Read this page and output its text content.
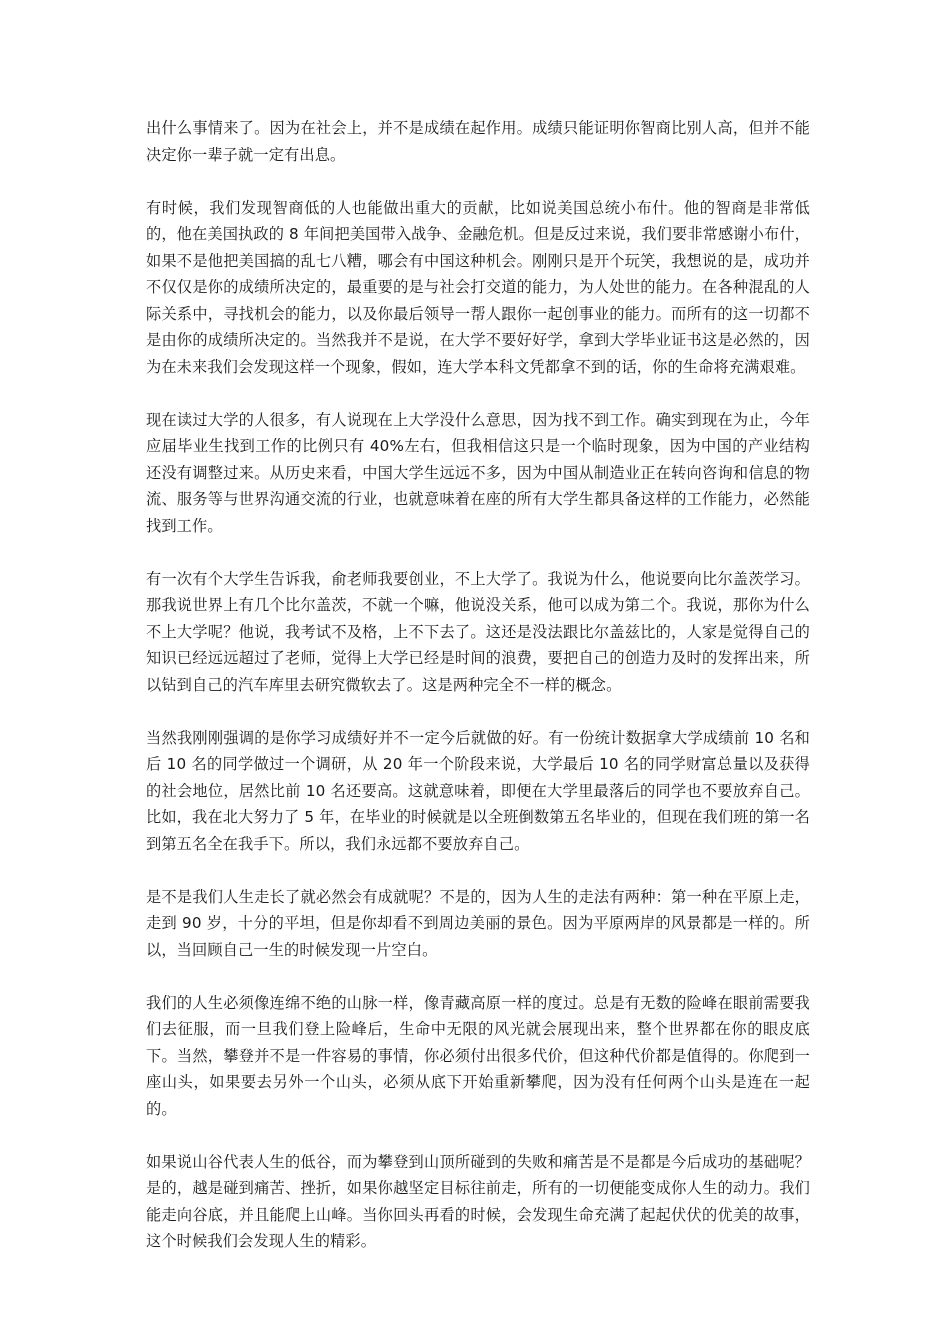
出什么事情来了。因为在社会上，并不是成绩在起作用。成绩只能证明你智商比别人高，但并不能决定你一辈子就一定有出息。

有时候，我们发现智商低的人也能做出重大的贡献，比如说美国总统小布什。他的智商是非常低的，他在美国执政的 8 年间把美国带入战争、金融危机。但是反过来说，我们要非常感谢小布什，如果不是他把美国搞的乱七八糟，哪会有中国这种机会。刚刚只是开个玩笑，我想说的是，成功并不仅仅是你的成绩所决定的，最重要的是与社会打交道的能力，为人处世的能力。在各种混乱的人际关系中，寻找机会的能力，以及你最后领导一帮人跟你一起创事业的能力。而所有的这一切都不是由你的成绩所决定的。当然我并不是说，在大学不要好好学，拿到大学毕业证书这是必然的，因为在未来我们会发现这样一个现象，假如，连大学本科文凭都拿不到的话，你的生命将充满艰难。

现在读过大学的人很多，有人说现在上大学没什么意思，因为找不到工作。确实到现在为止，今年应届毕业生找到工作的比例只有 40%左右，但我相信这只是一个临时现象，因为中国的产业结构还没有调整过来。从历史来看，中国大学生远远不多，因为中国从制造业正在转向咨询和信息的物流、服务等与世界沟通交流的行业，也就意味着在座的所有大学生都具备这样的工作能力，必然能找到工作。

有一次有个大学生告诉我，俞老师我要创业，不上大学了。我说为什么，他说要向比尔盖茨学习。那我说世界上有几个比尔盖茨，不就一个嘛，他说没关系，他可以成为第二个。我说，那你为什么不上大学呢？他说，我考试不及格，上不下去了。这还是没法跟比尔盖兹比的，人家是觉得自己的知识已经远远超过了老师，觉得上大学已经是时间的浪费，要把自己的创造力及时的发挥出来，所以钻到自己的汽车库里去研究微软去了。这是两种完全不一样的概念。

当然我刚刚强调的是你学习成绩好并不一定今后就做的好。有一份统计数据拿大学成绩前 10 名和后 10 名的同学做过一个调研，从 20 年一个阶段来说，大学最后 10 名的同学财富总量以及获得的社会地位，居然比前 10 名还要高。这就意味着，即便在大学里最落后的同学也不要放弃自己。比如，我在北大努力了 5 年，在毕业的时候就是以全班倒数第五名毕业的，但现在我们班的第一名到第五名全在我手下。所以，我们永远都不要放弃自己。

是不是我们人生走长了就必然会有成就呢？不是的，因为人生的走法有两种：第一种在平原上走，走到 90 岁，十分的平坦，但是你却看不到周边美丽的景色。因为平原两岸的风景都是一样的。所以，当回顾自己一生的时候发现一片空白。

我们的人生必须像连绵不绝的山脉一样，像青藏高原一样的度过。总是有无数的险峰在眼前需要我们去征服，而一旦我们登上险峰后，生命中无限的风光就会展现出来，整个世界都在你的眼皮底下。当然，攀登并不是一件容易的事情，你必须付出很多代价，但这种代价都是值得的。你爬到一座山头，如果要去另外一个山头，必须从底下开始重新攀爬，因为没有任何两个山头是连在一起的。

如果说山谷代表人生的低谷，而为攀登到山顶所碰到的失败和痛苦是不是都是今后成功的基础呢？是的，越是碰到痛苦、挫折，如果你越坚定目标往前走，所有的一切便能变成你人生的动力。我们能走向谷底，并且能爬上山峰。当你回头再看的时候，会发现生命充满了起起伏伏的优美的故事，这个时候我们会发现人生的精彩。
